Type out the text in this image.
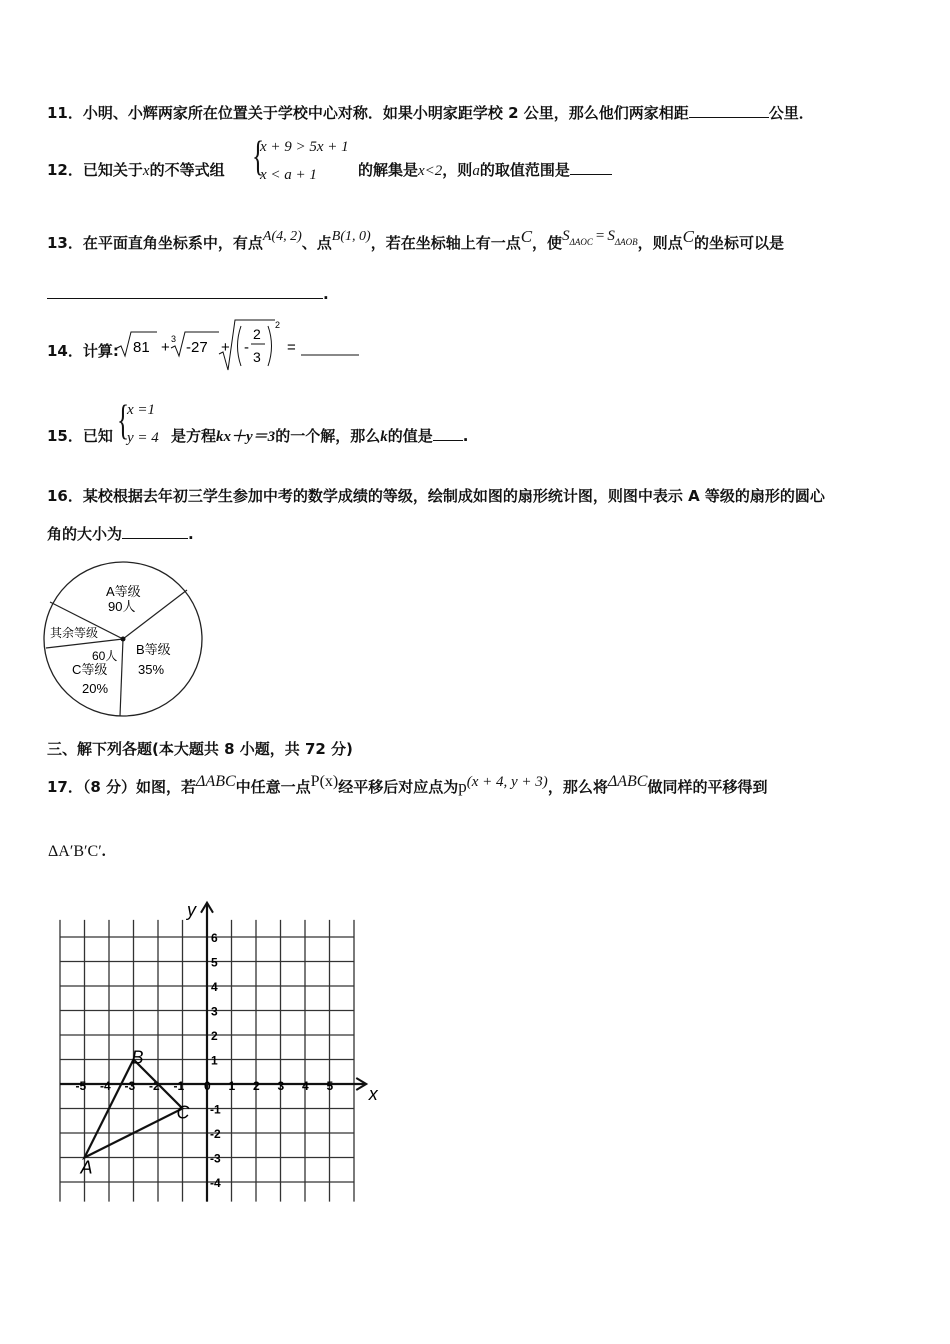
11．小明、小辉两家所在位置关于学校中心对称．如果小明家距学校 2 公里，那么他们两家相距	公里．
12．已知关于x的不等式组 {
x + 9 > 5x + 1
x < a + 1	的解集是x<2，则a的取值范围是
13．在平面直角坐标系中，有点A(4, 2)、点B(1, 0)，若在坐标轴上有一点C，使$S^{\Delta AOC} = S^{\Delta AOB}$，则点C的坐标可以是
.
14．计算: 81 + 3 -27 + -
2
3
2
=
15．已知 {
x =1
y = 4 是方程kx＋y＝3的一个解，那么k的值是 .
16．某校根据去年初三学生参加中考的数学成绩的等级，绘制成如图的扇形统计图，则图中表示 A 等级的扇形的圆心
角的大小为	.
A等级
90人
其余等级
60人
C等级
20%
B等级
35%
三、解下列各题(本大题共 8 小题，共 72 分)
17．（8 分）如图，若ΔABC中任意一点P(x)经平移后对应点为p(x + 4, y + 3)，那么将ΔABC做同样的平移得到
ΔA′B′C′.
x
y
-5 -4 -3 -2 -1 0 1 2 3 4 5
6
5
4
3
2
1
-1
-2
-3
-4
A
B
C
